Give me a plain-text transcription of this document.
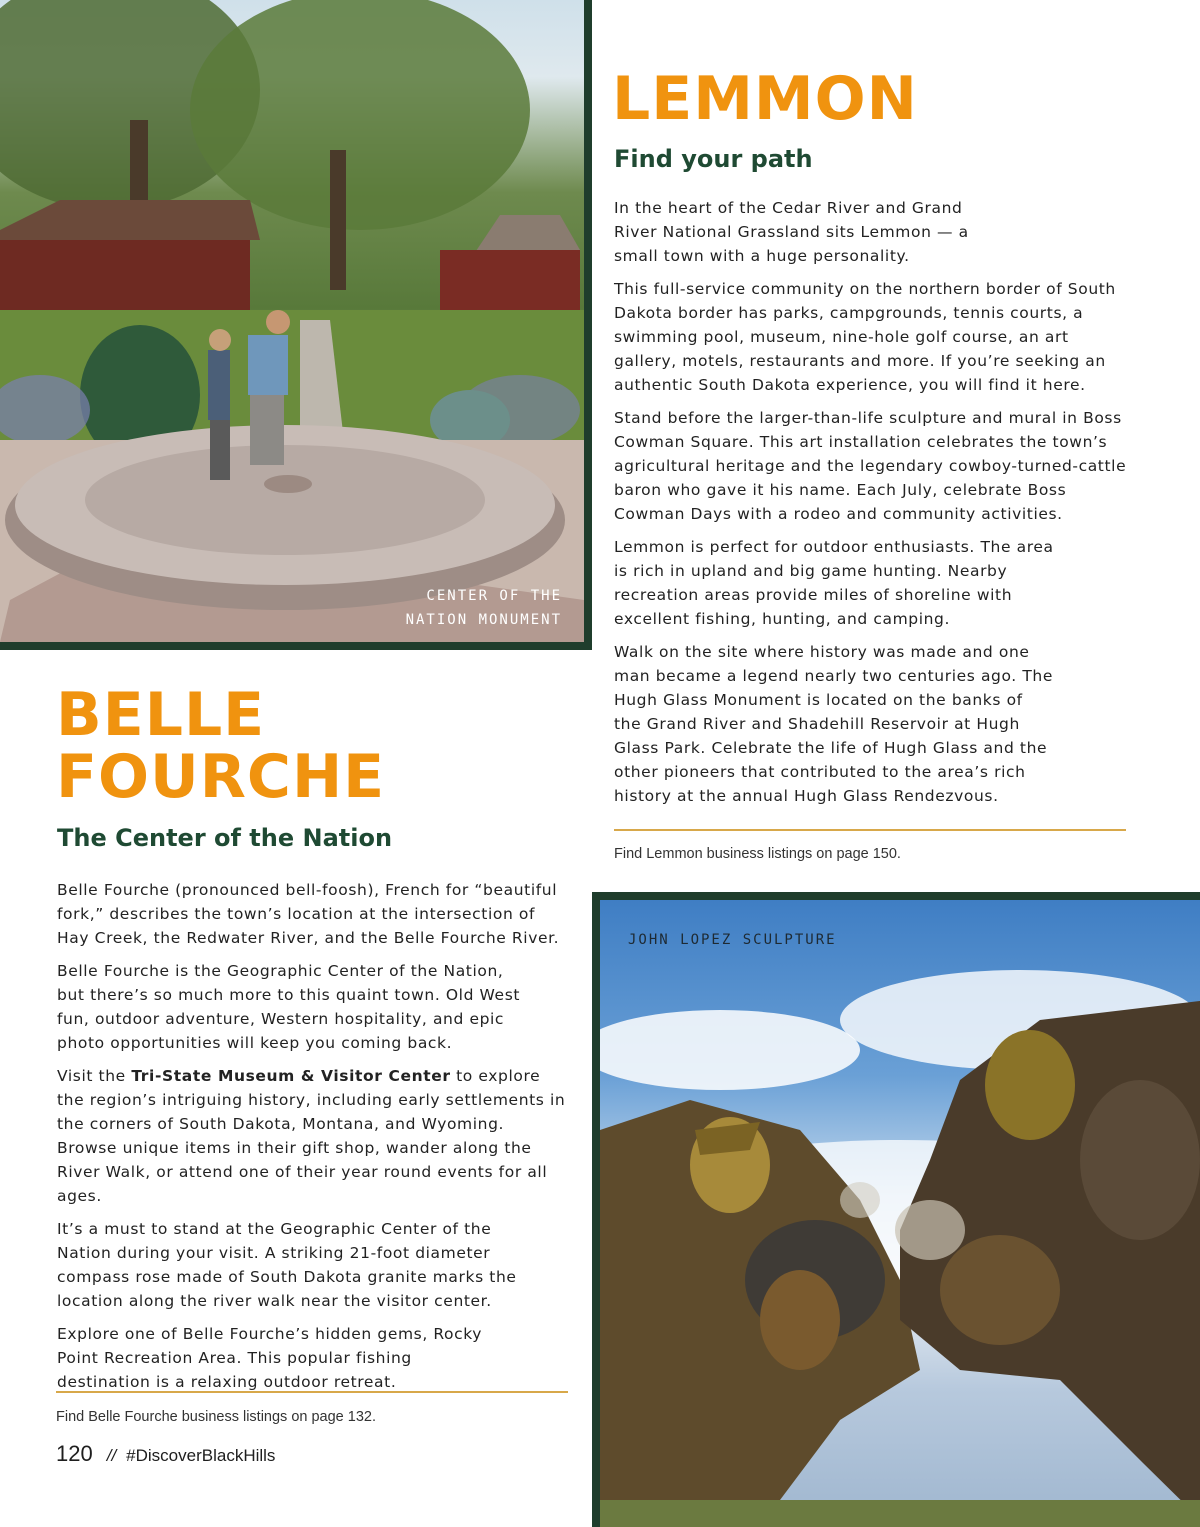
CENTER OF THE
NATION MONUMENT
LEMMON
Find your path

In the heart of the Cedar River and Grand River National Grassland sits Lemmon — a small town with a huge personality.

This full-service community on the northern border of South Dakota border has parks, campgrounds, tennis courts, a swimming pool, museum, nine-hole golf course, an art gallery, motels, restaurants and more. If you’re seeking an authentic South Dakota experience, you will find it here.

Stand before the larger-than-life sculpture and mural in Boss Cowman Square. This art installation celebrates the town’s agricultural heritage and the legendary cowboy-turned-cattle baron who gave it his name. Each July, celebrate Boss Cowman Days with a rodeo and community activities.

Lemmon is perfect for outdoor enthusiasts. The area is rich in upland and big game hunting. Nearby recreation areas provide miles of shoreline with excellent fishing, hunting, and camping.

Walk on the site where history was made and one man became a legend nearly two centuries ago. The Hugh Glass Monument is located on the banks of the Grand River and Shadehill Reservoir at Hugh Glass Park. Celebrate the life of Hugh Glass and the other pioneers that contributed to the area’s rich history at the annual Hugh Glass Rendezvous.

Find Lemmon business listings on page 150.
BELLE
FOURCHE
The Center of the Nation

Belle Fourche (pronounced bell-foosh), French for “beautiful fork,” describes the town’s location at the intersection of Hay Creek, the Redwater River, and the Belle Fourche River.

Belle Fourche is the Geographic Center of the Nation, but there’s so much more to this quaint town. Old West fun, outdoor adventure, Western hospitality, and epic photo opportunities will keep you coming back.

Visit the Tri-State Museum & Visitor Center to explore the region’s intriguing history, including early settlements in the corners of South Dakota, Montana, and Wyoming. Browse unique items in their gift shop, wander along the River Walk, or attend one of their year round events for all ages.

It’s a must to stand at the Geographic Center of the Nation during your visit. A striking 21-foot diameter compass rose made of South Dakota granite marks the location along the river walk near the visitor center.

Explore one of Belle Fourche’s hidden gems, Rocky Point Recreation Area. This popular fishing destination is a relaxing outdoor retreat.

Find Belle Fourche business listings on page 132.
JOHN LOPEZ SCULPTURE
120 // #DiscoverBlackHills
